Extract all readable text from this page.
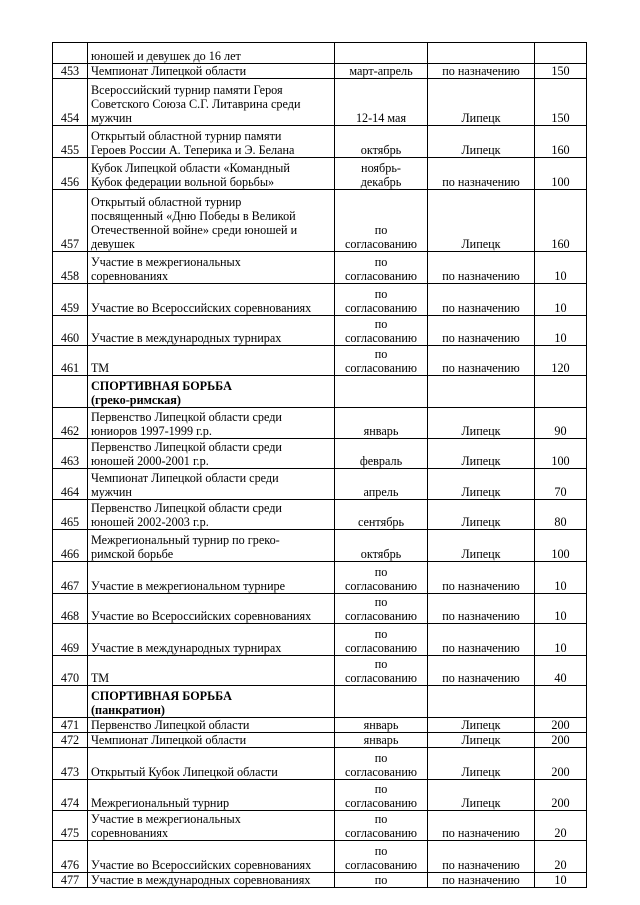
	юношей и девушек до 16 лет			
453	Чемпионат Липецкой области	март-апрель	по назначению	150
454	Всероссийский турнир памяти Героя
Советского Союза С.Г. Литаврина среди
мужчин	12-14 мая	Липецк	150
455	Открытый областной турнир памяти
Героев России А. Теперика и Э. Белана	октябрь	Липецк	160
456	Кубок Липецкой области «Командный
Кубок федерации вольной борьбы»	ноябрь-
декабрь	по назначению	100
457	Открытый областной турнир
посвященный «Дню Победы в Великой
Отечественной войне» среди юношей и
девушек	по
согласованию	Липецк	160
458	Участие в межрегиональных
соревнованиях	по
согласованию	по назначению	10
459	Участие во Всероссийских соревнованиях	по
согласованию	по назначению	10
460	Участие в международных турнирах	по
согласованию	по назначению	10
461	ТМ	по
согласованию	по назначению	120
	СПОРТИВНАЯ БОРЬБА
(греко-римская)			
462	Первенство Липецкой области среди
юниоров 1997-1999 г.р.	январь	Липецк	90
463	Первенство Липецкой области среди
юношей 2000-2001 г.р.	февраль	Липецк	100
464	Чемпионат Липецкой области среди
мужчин	апрель	Липецк	70
465	Первенство Липецкой области среди
юношей 2002-2003 г.р.	сентябрь	Липецк	80
466	Межрегиональный турнир по греко-
римской борьбе	октябрь	Липецк	100
467	Участие в межрегиональном турнире	по
согласованию	по назначению	10
468	Участие во Всероссийских соревнованиях	по
согласованию	по назначению	10
469	Участие в международных турнирах	по
согласованию	по назначению	10
470	ТМ	по
согласованию	по назначению	40
	СПОРТИВНАЯ БОРЬБА
(панкратион)			
471	Первенство Липецкой области	январь	Липецк	200
472	Чемпионат Липецкой области	январь	Липецк	200
473	Открытый Кубок Липецкой области	по
согласованию	Липецк	200
474	Межрегиональный турнир	по
согласованию	Липецк	200
475	Участие в межрегиональных
соревнованиях	по
согласованию	по назначению	20
476	Участие во Всероссийских соревнованиях	по
согласованию	по назначению	20
477	Участие в международных соревнованиях	по	по назначению	10
